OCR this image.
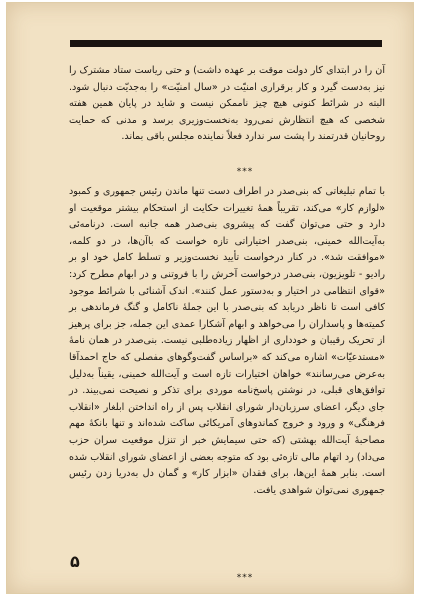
آن را در ابتدای کار دولت موقت بر عهده داشت) و حتی ریاست ستاد مشترک را نیز به‌دست گیرد و کار برقراری امنیّت در «سال امنیّت» را به‌جدیّت دنبال شود. البته در شرائط کنونی هیچ چیز ناممکن نیست و شاید در پایان همین هفته شخصی که هیچ انتظارش نمی‌رود به‌نخست‌وزیری برسد و مدنی که حمایت روحانیان قدرتمند را پشت سر ندارد فعلاً نماینده مجلس باقی بماند.

***

با تمام تبلیغاتی که بنی‌صدر در اطراف دست تنها ماندن رئیس جمهوری و کمبود «لوازم کار» می‌کند، تقریباً همهٔ تغییرات حکایت از استحکام بیشتر موقعیت او دارد و حتی می‌توان گفت که پیشروی بنی‌صدر همه جانبه است. درنامه‌ئی به‌آیت‌الله خمینی، بنی‌صدر اختیاراتی تازه خواست که با‌آن‌ها، در دو کلمه، «موافقت شد». در کنار درخواست تأیید نخست‌وزیر و تسلط کامل خود او بر رادیو - تلویزیون، بنی‌صدر درخواست آخرش را با فروتنی و در ابهام مطرح کرد: «قوای انتظامی در اختیار و به‌دستور عمل کنند». اندک آشنائی با شرائط موجود کافی است تا ناظر دریابد که بنی‌صدر با این جملهٔ ناکامل و گنگ فرماندهی بر کمیته‌ها و پاسداران را می‌خواهد و ابهام آشکارا عمدی این جمله، جز برای پرهیز از تحریک رقیبان و خودداری از اظهار زیاده‌طلبی نیست. بنی‌صدر در همان نامهٔ «مستدعیّات» اشاره می‌کند که «براساس گفت‌وگوهای مفصلی که حاج احمدآقا به‌عرض می‌رسانند» خواهان اختیارات تازه است و آیت‌الله خمینی، یقیناً به‌دلیل توافق‌های قبلی، در نوشتن پاسخ‌نامه موردی برای تذکر و نصیحت نمی‌بیند. در جای دیگر، اعضای سرزبان‌دار شورای انقلاب پس از راه انداختن ابلغار «انقلاب فرهنگی» و ورود و خروج کماندوهای آمریکائی ساکت شده‌اند و تنها بانکهٔ مهم مصاحبهٔ آیت‌الله بهشتی (که حتی سیمایش خبر از تنزل موقعیت سران حزب می‌داد) رد اتهام مالی تازه‌ئی بود که متوجه بعضی از اعضای شورای انقلاب شده است. بنابر همهٔ این‌ها، برای فقدان «ابزار کار» و گمان دل به‌دریا زدن رئیس جمهوری نمی‌توان شواهدی یافت.

۵
***
